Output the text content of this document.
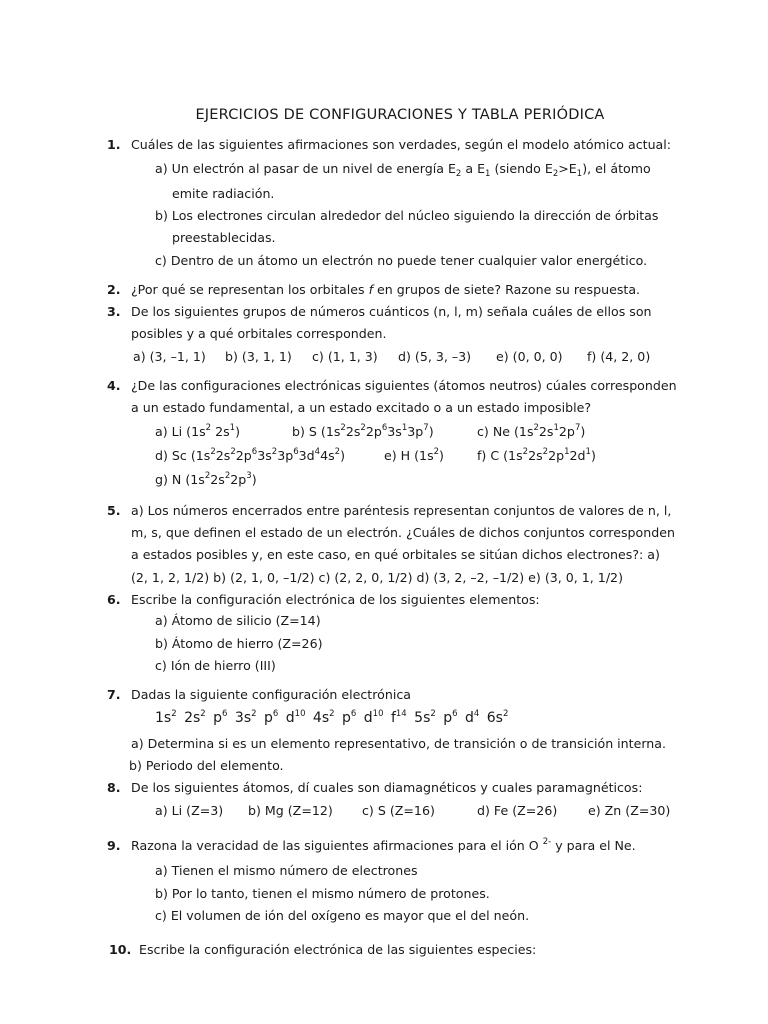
EJERCICIOS DE CONFIGURACIONES Y TABLA PERIÓDICA
1. Cuáles de las siguientes afirmaciones son verdades, según el modelo atómico actual:
a) Un electrón al pasar de un nivel de energía $E_2$ a $E_1$ (siendo $E_2>E_1$), el átomo
emite radiación.
b) Los electrones circulan alrededor del núcleo siguiendo la dirección de órbitas
preestablecidas.
c) Dentro de un átomo un electrón no puede tener cualquier valor energético.
2. ¿Por qué se representan los orbitales f en grupos de siete? Razone su respuesta.
3. De los siguientes grupos de números cuánticos (n, l, m) señala cuáles de ellos son
posibles y a qué orbitales corresponden.
a) (3, –1, 1) b) (3, 1, 1) c) (1, 1, 3) d) (5, 3, –3) e) (0, 0, 0) f) (4, 2, 0)
4. ¿De las configuraciones electrónicas siguientes (átomos neutros) cúales corresponden
a un estado fundamental, a un estado excitado o a un estado imposible?
a) Li ($1s^2$ $2s^1$)	b) S $(1s^22s^22p^63s^13p^7)$	c) Ne $(1s^22s^12p^7)$
d) Sc $(1s^22s^22p^63s^23p^63d^44s^2)$	e) H $(1s^2)$	f) C $(1s^22s^22p^12d^1)$
g) N $(1s^22s^22p^3)$
5. a) Los números encerrados entre paréntesis representan conjuntos de valores de n, l,
m, s, que definen el estado de un electrón. ¿Cuáles de dichos conjuntos corresponden
a estados posibles y, en este caso, en qué orbitales se sitúan dichos electrones?: a)
(2, 1, 2, 1/2) b) (2, 1, 0, –1/2) c) (2, 2, 0, 1/2) d) (3, 2, –2, –1/2) e) (3, 0, 1, 1/2)
6. Escribe la configuración electrónica de los siguientes elementos:
a) Átomo de silicio (Z=14)
b) Átomo de hierro (Z=26)
c) Ión de hierro (III)
7. Dadas la siguiente configuración electrónica
$1s^2$ $2s^2$ $p^6$ $3s^2$ $p^6$ $d^{10}$ $4s^2$ $p^6$ $d^{10}$ $f^{14}$ $5s^2$ $p^6$ $d^4$ $6s^2$
a) Determina si es un elemento representativo, de transición o de transición interna.
b) Periodo del elemento.
8. De los siguientes átomos, dí cuales son diamagnéticos y cuales paramagnéticos:
a) Li (Z=3) b) Mg (Z=12) c) S (Z=16)	d) Fe (Z=26) e) Zn (Z=30)
9. Razona la veracidad de las siguientes afirmaciones para el ión O $^{2-}$ y para el Ne.
a) Tienen el mismo número de electrones
b) Por lo tanto, tienen el mismo número de protones.
c) El volumen de ión del oxígeno es mayor que el del neón.
10. Escribe la configuración electrónica de las siguientes especies:
